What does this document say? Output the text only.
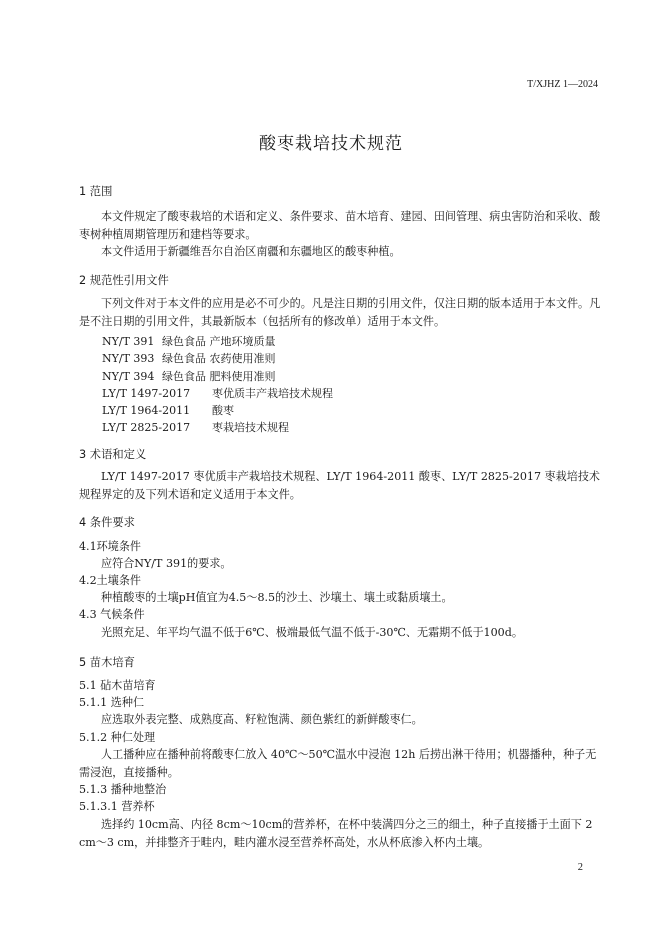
T/XJHZ 1—2024
酸枣栽培技术规范
1 范围

本文件规定了酸枣栽培的术语和定义、条件要求、苗木培育、建园、田间管理、病虫害防治和采收、酸枣树种植周期管理历和建档等要求。

本文件适用于新疆维吾尔自治区南疆和东疆地区的酸枣种植。

2 规范性引用文件

下列文件对于本文件的应用是必不可少的。凡是注日期的引用文件，仅注日期的版本适用于本文件。凡是不注日期的引用文件，其最新版本（包括所有的修改单）适用于本文件。

NY/T 391 绿色食品 产地环境质量
NY/T 393 绿色食品 农药使用准则
NY/T 394 绿色食品 肥料使用准则
LY/T 1497-2017 枣优质丰产栽培技术规程
LY/T 1964-2011 酸枣
LY/T 2825-2017 枣栽培技术规程
3 术语和定义

LY/T 1497-2017 枣优质丰产栽培技术规程、LY/T 1964-2011 酸枣、LY/T 2825-2017 枣栽培技术规程界定的及下列术语和定义适用于本文件。

4 条件要求
4.1环境条件
应符合NY/T 391的要求。
4.2土壤条件
种植酸枣的土壤pH值宜为4.5～8.5的沙土、沙壤土、壤土或黏质壤土。
4.3 气候条件
光照充足、年平均气温不低于6℃、极端最低气温不低于-30℃、无霜期不低于100d。
5 苗木培育
5.1 砧木苗培育
5.1.1 选种仁
应选取外表完整、成熟度高、籽粒饱满、颜色紫红的新鲜酸枣仁。
5.1.2 种仁处理

人工播种应在播种前将酸枣仁放入 40℃～50℃温水中浸泡 12h 后捞出淋干待用；机器播种，种子无需浸泡，直接播种。

5.1.3 播种地整治
5.1.3.1 营养杯

选择约 10cm高、内径 8cm～10cm的营养杯，在杯中装满四分之三的细土，种子直接播于土面下 2 cm～3 cm，并排整齐于畦内，畦内灌水浸至营养杯高处，水从杯底渗入杯内土壤。

2
